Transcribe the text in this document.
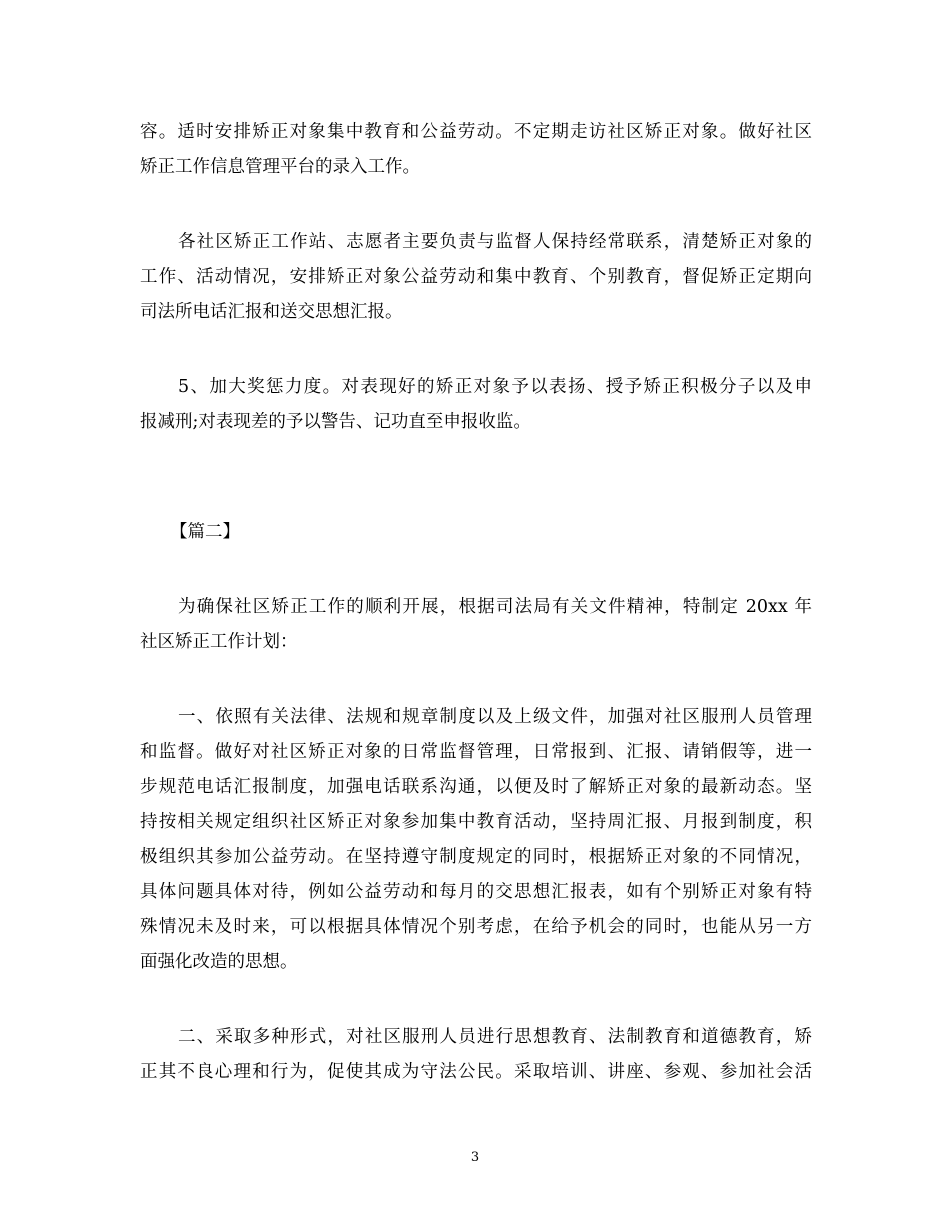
容。适时安排矫正对象集中教育和公益劳动。不定期走访社区矫正对象。做好社区
矫正工作信息管理平台的录入工作。
各社区矫正工作站、志愿者主要负责与监督人保持经常联系，清楚矫正对象的
工作、活动情况，安排矫正对象公益劳动和集中教育、个别教育，督促矫正定期向
司法所电话汇报和送交思想汇报。
5、加大奖惩力度。对表现好的矫正对象予以表扬、授予矫正积极分子以及申
报减刑;对表现差的予以警告、记功直至申报收监。
【篇二】
为确保社区矫正工作的顺利开展，根据司法局有关文件精神，特制定 20xx 年
社区矫正工作计划：
一、依照有关法律、法规和规章制度以及上级文件，加强对社区服刑人员管理
和监督。做好对社区矫正对象的日常监督管理，日常报到、汇报、请销假等，进一
步规范电话汇报制度，加强电话联系沟通，以便及时了解矫正对象的最新动态。坚
持按相关规定组织社区矫正对象参加集中教育活动，坚持周汇报、月报到制度，积
极组织其参加公益劳动。在坚持遵守制度规定的同时，根据矫正对象的不同情况，
具体问题具体对待，例如公益劳动和每月的交思想汇报表，如有个别矫正对象有特
殊情况未及时来，可以根据具体情况个别考虑，在给予机会的同时，也能从另一方
面强化改造的思想。
二、采取多种形式，对社区服刑人员进行思想教育、法制教育和道德教育，矫
正其不良心理和行为，促使其成为守法公民。采取培训、讲座、参观、参加社会活
3
